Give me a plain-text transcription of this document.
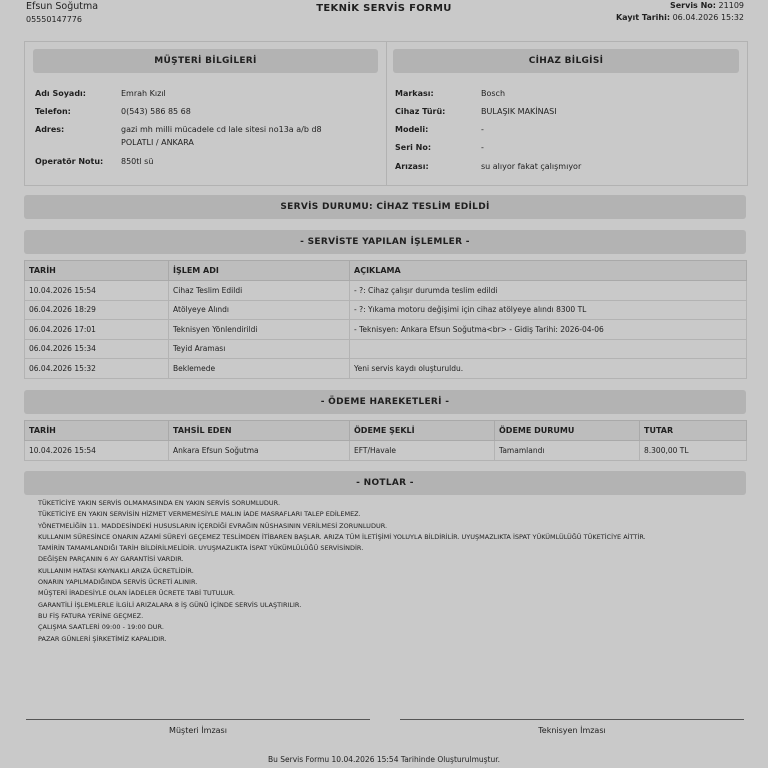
Efsun Soğutma
05550147776
TEKNİK SERVİS FORMU	Servis No: 21109
Kayıt Tarihi: 06.04.2026 15:32
MÜŞTERİ BİLGİLERİ
Adı Soyadı:	Emrah Kızıl
Telefon:	0(543) 586 85 68
Adres:	gazi mh milli mücadele cd lale sitesi no13a a/b d8
POLATLI / ANKARA
Operatör Notu:	850tl sü
CİHAZ BİLGİSİ
Markası:	Bosch
Cihaz Türü:	BULAŞIK MAKİNASI
Modeli:	-
Seri No:	-
Arızası:	su alıyor fakat çalışmıyor
SERVİS DURUMU: CİHAZ TESLİM EDİLDİ
- SERVİSTE YAPILAN İŞLEMLER -
TARİH	İŞLEM ADI	AÇIKLAMA
10.04.2026 15:54	Cihaz Teslim Edildi	- ?: Cihaz çalışır durumda teslim edildi
06.04.2026 18:29	Atölyeye Alındı	- ?: Yıkama motoru değişimi için cihaz atölyeye alındı 8300 TL
06.04.2026 17:01	Teknisyen Yönlendirildi	- Teknisyen: Ankara Efsun Soğutma<br> - Gidiş Tarihi: 2026-04-06
06.04.2026 15:34	Teyid Araması	
06.04.2026 15:32	Beklemede	Yeni servis kaydı oluşturuldu.
- ÖDEME HAREKETLERİ -
TARİH	TAHSİL EDEN	ÖDEME ŞEKLİ	ÖDEME DURUMU	TUTAR
10.04.2026 15:54	Ankara Efsun Soğutma	EFT/Havale	Tamamlandı	8.300,00 TL
- NOTLAR -
1. TÜKETİCİYE YAKIN SERVİS OLMAMASINDA EN YAKIN SERVİS SORUMLUDUR.
2. TÜKETİCİYE EN YAKIN SERVİSİN HİZMET VERMEMESİYLE MALIN İADE MASRAFLARI TALEP EDİLEMEZ.
3. YÖNETMELİĞİN 11. MADDESİNDEKİ HUSUSLARIN İÇERDİĞİ EVRAĞIN NÜSHASININ VERİLMESİ ZORUNLUDUR.
4. KULLANIM SÜRESİNCE ONARIN AZAMİ SÜREYİ GEÇEMEZ TESLİMDEN İTİBAREN BAŞLAR. ARIZA TÜM İLETİŞİMİ YOLUYLA BİLDİRİLİR. UYUŞMAZLIKTA İSPAT YÜKÜMLÜLÜĞÜ TÜKETİCİYE AİTTİR.
5. TAMİRİN TAMAMLANDIĞI TARİH BİLDİRİLMELİDİR. UYUŞMAZLIKTA İSPAT YÜKÜMLÜLÜĞÜ SERVİSİNDİR.
6. DEĞİŞEN PARÇANIN 6 AY GARANTİSİ VARDIR.
7. KULLANIM HATASI KAYNAKLI ARIZA ÜCRETLİDİR.
8. ONARIN YAPILMADIĞINDA SERVİS ÜCRETİ ALINIR.
9. MÜŞTERİ İRADESİYLE OLAN İADELER ÜCRETE TABİ TUTULUR.
10. GARANTİLİ İŞLEMLERLE İLGİLİ ARIZALARA 8 İŞ GÜNÜ İÇİNDE SERVİS ULAŞTIRILIR.
11. BU FİŞ FATURA YERİNE GEÇMEZ.
12. ÇALIŞMA SAATLERİ 09:00 - 19:00 DUR.
13. PAZAR GÜNLERİ ŞİRKETİMİZ KAPALIDIR.
Müşteri İmzası	Teknisyen İmzası
Bu Servis Formu 10.04.2026 15:54 Tarihinde Oluşturulmuştur.
